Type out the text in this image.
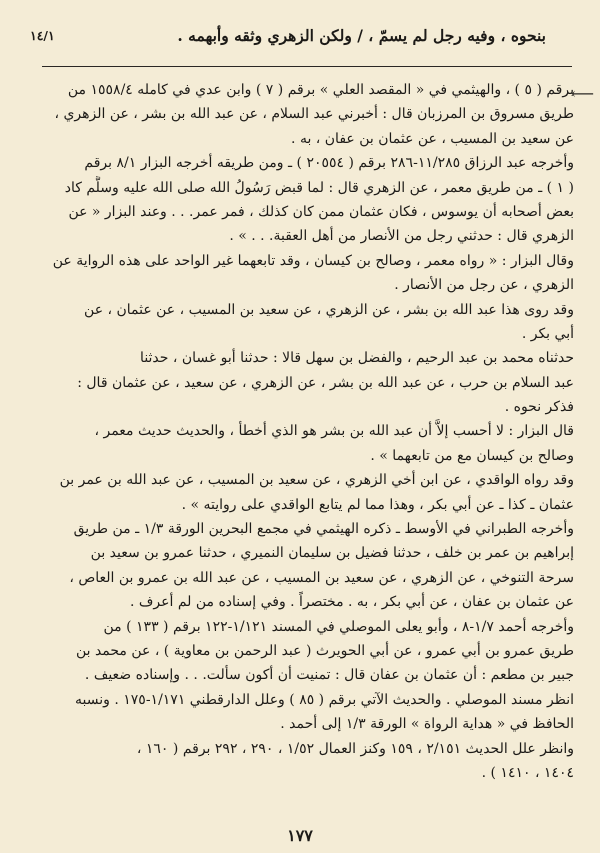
بنحوه ، وفيه رجل لم يسمّ ، / ولكن الزهري وثقه وأبهمه .
١٤/١
⟵
برقم ( ٥ ) ، والهيثمي في « المقصد العلي » برقم ( ٧ ) وابن عدي في كامله ١٥٥٨/٤ من
طريق مسروق بن المرزبان قال : أخبرني عبد السلام ، عن عبد الله بن بشر ، عن الزهري ،
عن سعيد بن المسيب ، عن عثمان بن عفان ، به .
وأخرجه عبد الرزاق ١١/٢٨٥-٢٨٦ برقم ( ٢٠٥٥٤ ) ـ ومن طريقه أخرجه البزار ٨/١ برقم
( ١ ) ـ من طريق معمر ، عن الزهري قال : لما قبض رَسُولُ الله صلى الله عليه وسلَّم كاد
بعض أصحابه أن يوسوس ، فكان عثمان ممن كان كذلك ، فمر عمر. . . وعند البزار « عن
الزهري قال : حدثني رجل من الأنصار من أهل العقبة. . . » .
وقال البزار : « رواه معمر ، وصالح بن كيسان ، وقد تابعهما غير الواحد على هذه الرواية عن
الزهري ، عن رجل من الأنصار .
وقد روى هذا عبد الله بن بشر ، عن الزهري ، عن سعيد بن المسيب ، عن عثمان ، عن
أبي بكر .
حدثناه محمد بن عبد الرحيم ، والفضل بن سهل قالا : حدثنا أبو غسان ، حدثنا
عبد السلام بن حرب ، عن عبد الله بن بشر ، عن الزهري ، عن سعيد ، عن عثمان قال :
فذكر نحوه .
قال البزار : لا أحسب إلاَّ أن عبد الله بن بشر هو الذي أخطأ ، والحديث حديث معمر ،
وصالح بن كيسان مع من تابعهما » .
وقد رواه الواقدي ، عن ابن أخي الزهري ، عن سعيد بن المسيب ، عن عبد الله بن عمر بن
عثمان ـ كذا ـ عن أبي بكر ، وهذا مما لم يتابع الواقدي على روايته » .
وأخرجه الطبراني في الأوسط ـ ذكره الهيثمي في مجمع البحرين الورقة ١/٣ ـ من طريق
إبراهيم بن عمر بن خلف ، حدثنا فضيل بن سليمان النميري ، حدثنا عمرو بن سعيد بن
سرحة التنوخي ، عن الزهري ، عن سعيد بن المسيب ، عن عبد الله بن عمرو بن العاص ،
عن عثمان بن عفان ، عن أبي بكر ، به . مختصراً . وفي إسناده من لم أعرف .
وأخرجه أحمد ١/٧-٨ ، وأبو يعلى الموصلي في المسند ١/١٢١-١٢٢ برقم ( ١٣٣ ) من
طريق عمرو بن أبي عمرو ، عن أبي الحويرث ( عبد الرحمن بن معاوية ) ، عن محمد بن
جبير بن مطعم : أن عثمان بن عفان قال : تمنيت أن أكون سألت. . . وإسناده ضعيف .
انظر مسند الموصلي . والحديث الآتي برقم ( ٨٥ ) وعلل الدارقطني ١/١٧١-١٧٥ . ونسبه
الحافظ في « هداية الرواة » الورقة ١/٣ إلى أحمد .
وانظر علل الحديث ٢/١٥١ ، ١٥٩ وكنز العمال ١/٥٢ ، ٢٩٠ ، ٢٩٢ برقم ( ١٦٠ ،
١٤٠٤ ، ١٤١٠ ) .
١٧٧
